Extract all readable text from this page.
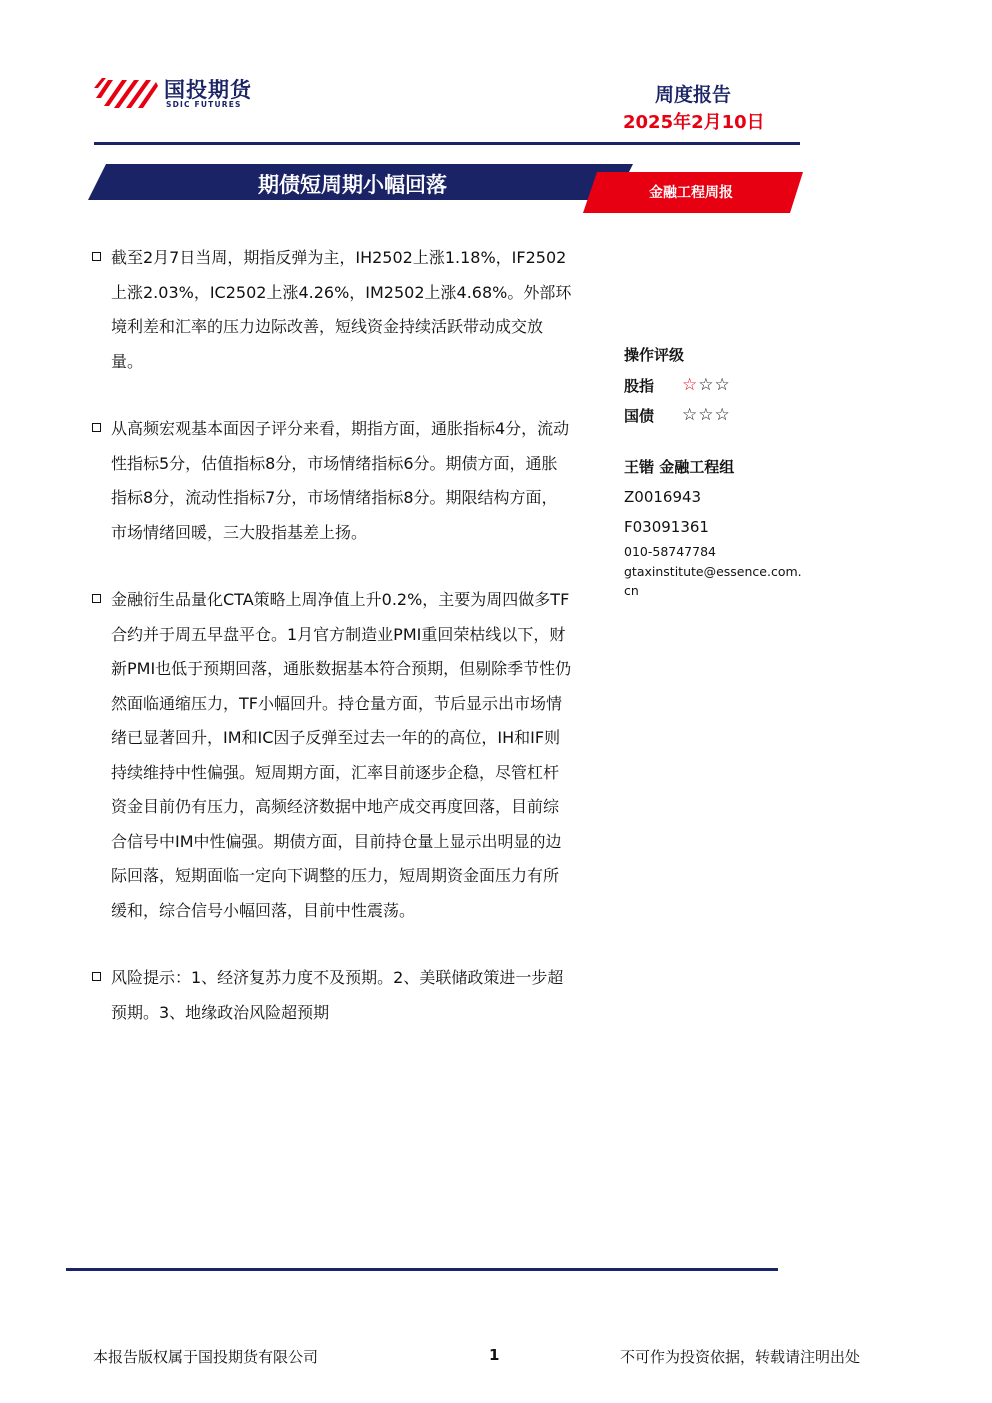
国投期货
SDIC FUTURES	周度报告
2025年2月10日
期债短周期小幅回落	金融工程周报
截至2月7日当周，期指反弹为主，IH2502上涨1.18%，IF2502上涨2.03%，IC2502上涨4.26%，IM2502上涨4.68%。外部环境利差和汇率的压力边际改善，短线资金持续活跃带动成交放量。
从高频宏观基本面因子评分来看，期指方面，通胀指标4分，流动性指标5分，估值指标8分，市场情绪指标6分。期债方面，通胀指标8分，流动性指标7分，市场情绪指标8分。期限结构方面，市场情绪回暖，三大股指基差上扬。
金融衍生品量化CTA策略上周净值上升0.2%，主要为周四做多TF合约并于周五早盘平仓。1月官方制造业PMI重回荣枯线以下，财新PMI也低于预期回落，通胀数据基本符合预期，但剔除季节性仍然面临通缩压力，TF小幅回升。持仓量方面，节后显示出市场情绪已显著回升，IM和IC因子反弹至过去一年的的高位，IH和IF则持续维持中性偏强。短周期方面，汇率目前逐步企稳，尽管杠杆资金目前仍有压力，高频经济数据中地产成交再度回落，目前综合信号中IM中性偏强。期债方面，目前持仓量上显示出明显的边际回落，短期面临一定向下调整的压力，短周期资金面压力有所缓和，综合信号小幅回落，目前中性震荡。
风险提示：1、经济复苏力度不及预期。2、美联储政策进一步超预期。3、地缘政治风险超预期
操作评级
股指	☆ ☆ ☆
国债	☆ ☆ ☆
王锴 金融工程组
Z0016943
F03091361
010-58747784
gtaxinstitute@essence.com.
cn
本报告版权属于国投期货有限公司	1	不可作为投资依据，转载请注明出处
